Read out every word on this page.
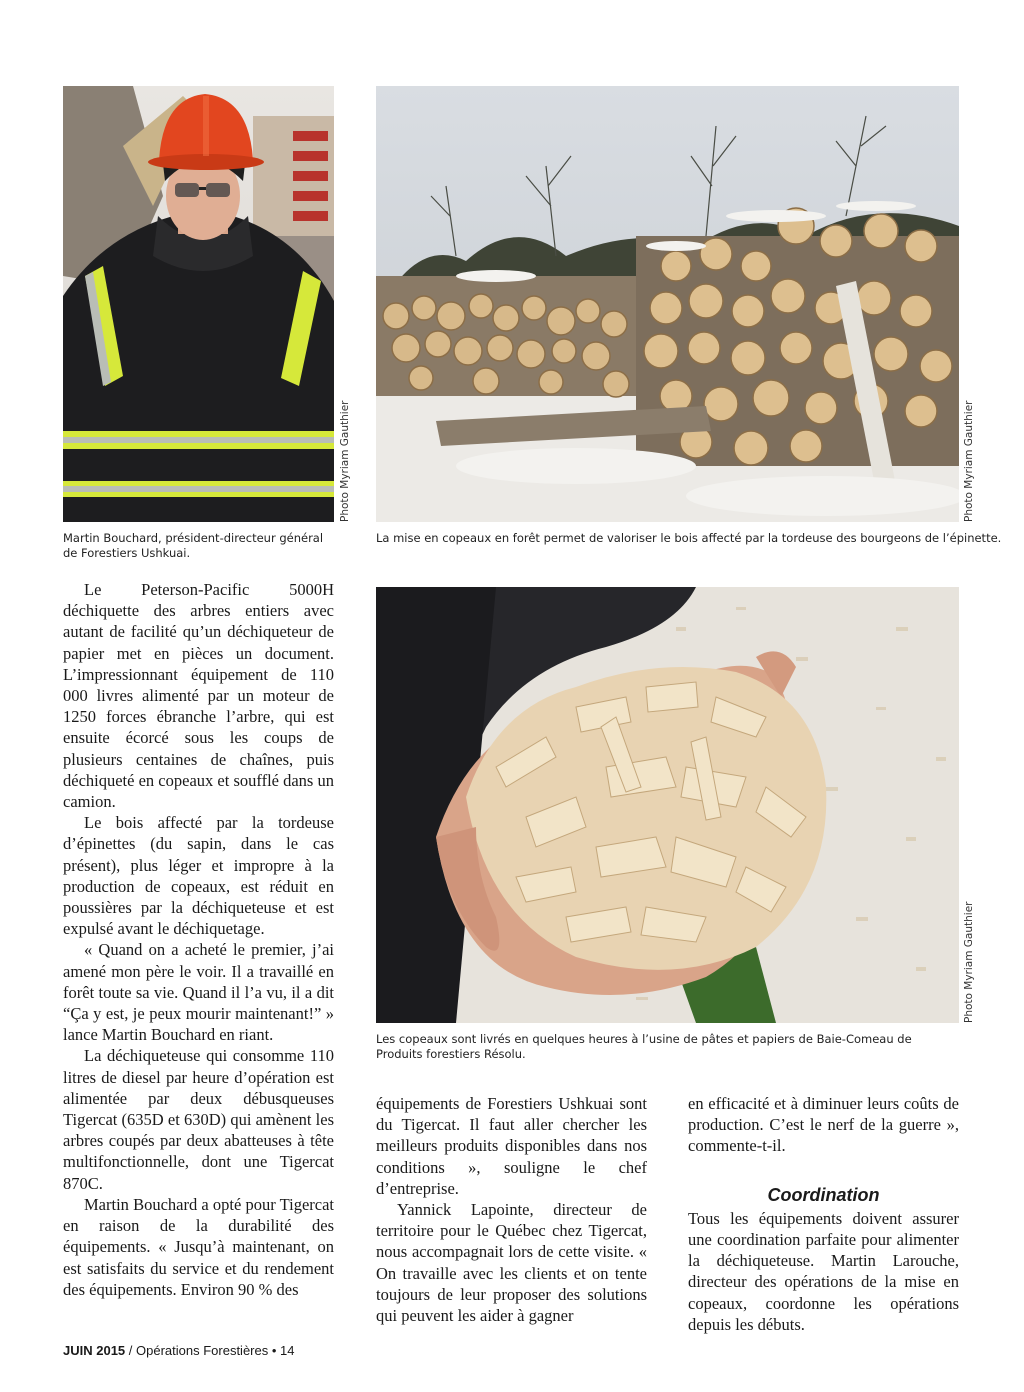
Photo Myriam Gauthier
Martin Bouchard, président-directeur général de Forestiers Ushkuai.
Photo Myriam Gauthier
La mise en copeaux en forêt permet de valoriser le bois affecté par la tordeuse des bourgeons de l’épinette.
Photo Myriam Gauthier
Les copeaux sont livrés en quelques heures à l’usine de pâtes et papiers de Baie-Comeau de Produits forestiers Résolu.

Le Peterson-Pacific 5000H déchiquette des arbres entiers avec autant de facilité qu’un déchiqueteur de papier met en pièces un document. L’impressionnant équipement de 110 000 livres alimenté par un moteur de 1250 forces ébranche l’arbre, qui est ensuite écorcé sous les coups de plusieurs centaines de chaînes, puis déchiqueté en copeaux et soufflé dans un camion.

Le bois affecté par la tordeuse d’épinettes (du sapin, dans le cas présent), plus léger et impropre à la production de copeaux, est réduit en poussières par la déchiqueteuse et est expulsé avant le déchiquetage.

« Quand on a acheté le premier, j’ai amené mon père le voir. Il a travaillé en forêt toute sa vie. Quand il l’a vu, il a dit “Ça y est, je peux mourir maintenant!” » lance Martin Bouchard en riant.

La déchiqueteuse qui consomme 110 litres de diesel par heure d’opération est alimentée par deux débusqueuses Tigercat (635D et 630D) qui amènent les arbres coupés par deux abatteuses à tête multifonctionnelle, dont une Tigercat 870C.

Martin Bouchard a opté pour Tigercat en raison de la durabilité des équipements. « Jusqu’à maintenant, on est satisfaits du service et du rendement des équipements. Environ 90 % des

équipements de Forestiers Ushkuai sont du Tigercat. Il faut aller chercher les meilleurs produits disponibles dans nos conditions », souligne le chef d’entreprise.

Yannick Lapointe, directeur de territoire pour le Québec chez Tigercat, nous accompagnait lors de cette visite. « On travaille avec les clients et on tente toujours de leur proposer des solutions qui peuvent les aider à gagner

en efficacité et à diminuer leurs coûts de production. C’est le nerf de la guerre », commente-t-il.

Coordination

Tous les équipements doivent assurer une coordination parfaite pour alimenter la déchiqueteuse. Martin Larouche, directeur des opérations de la mise en copeaux, coordonne les opérations depuis les débuts.

JUIN 2015 / Opérations Forestières • 14
